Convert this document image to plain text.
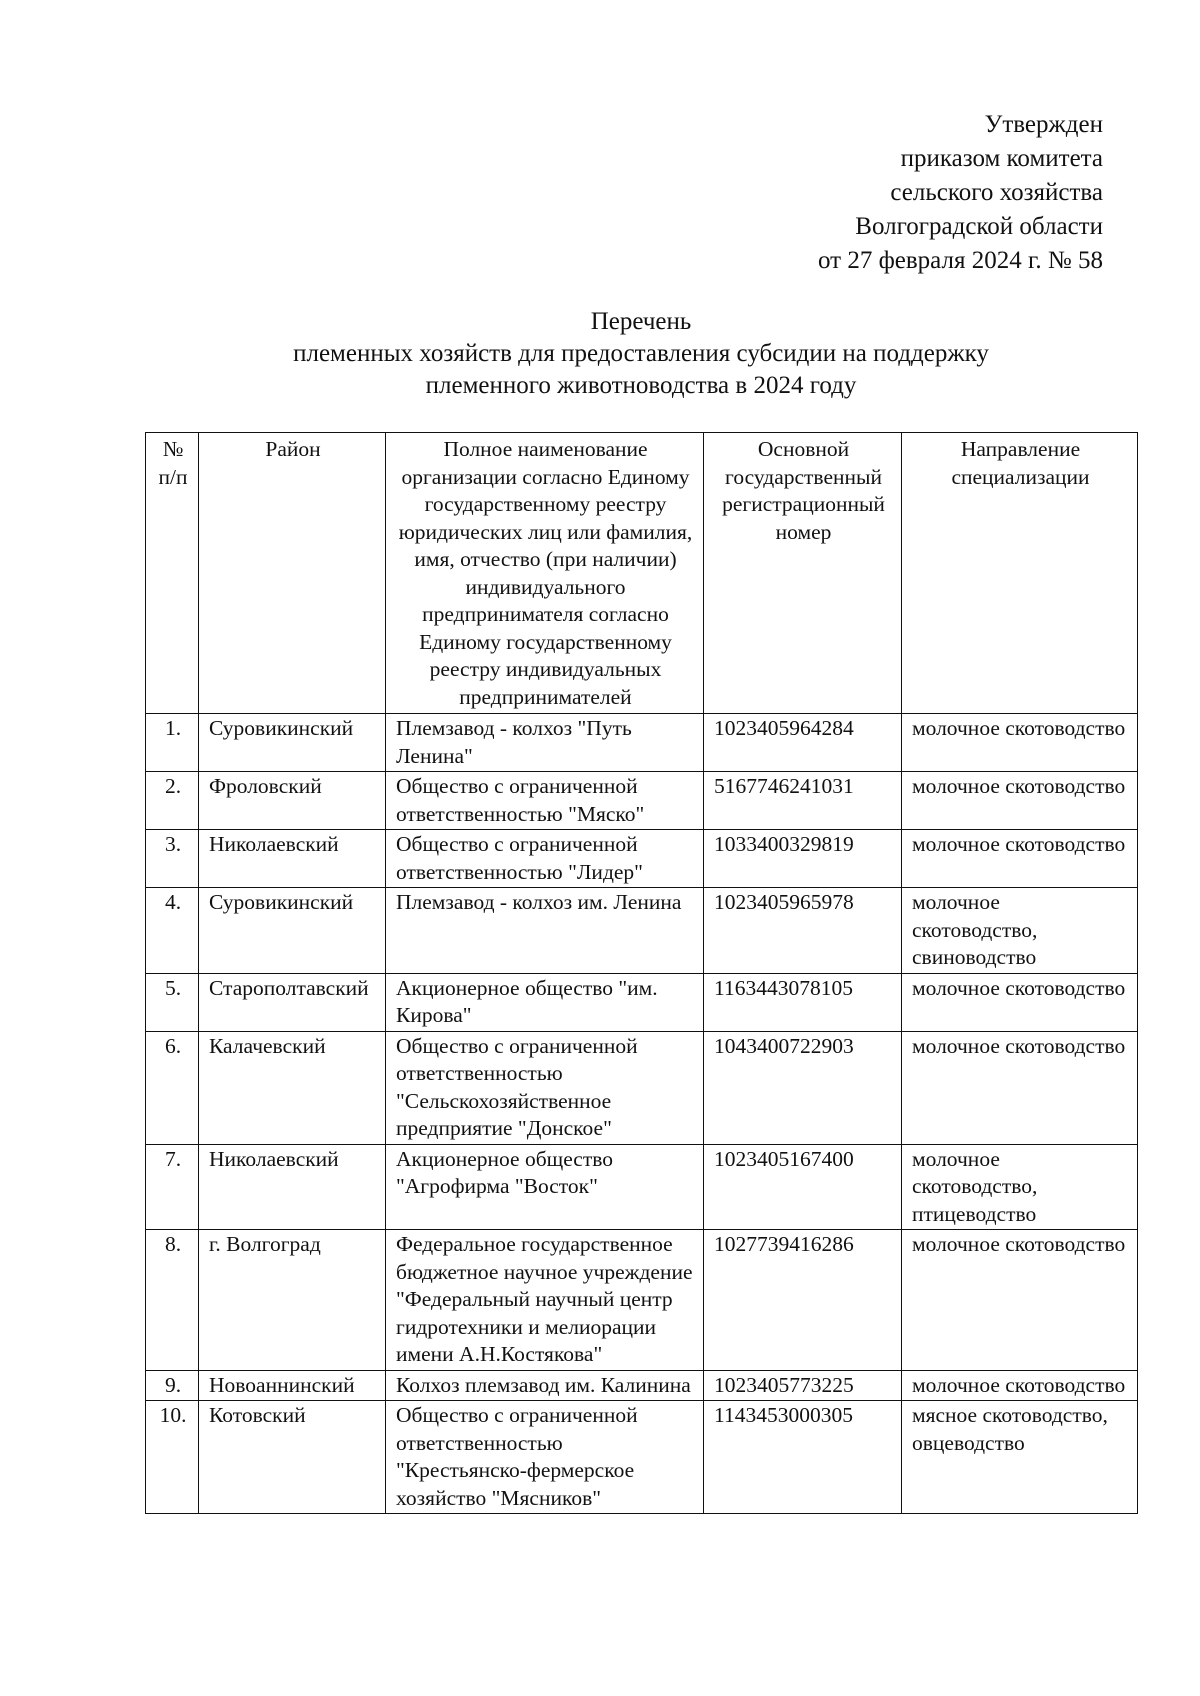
Утвержден
приказом комитета
сельского хозяйства
Волгоградской области
от 27 февраля 2024 г. № 58
Перечень
племенных хозяйств для предоставления субсидии на поддержку
племенного животноводства в 2024 году
№ п/п	Район	Полное наименование организации согласно Единому государственному реестру юридических лиц или фамилия, имя, отчество (при наличии) индивидуального предпринимателя согласно Единому государственному реестру индивидуальных предпринимателей	Основной государственный регистрационный номер	Направление специализации
1.	Суровикинский	Племзавод - колхоз "Путь Ленина"	1023405964284	молочное скотоводство
2.	Фроловский	Общество с ограниченной ответственностью "Мяско"	5167746241031	молочное скотоводство
3.	Николаевский	Общество с ограниченной ответственностью "Лидер"	1033400329819	молочное скотоводство
4.	Суровикинский	Племзавод - колхоз им. Ленина	1023405965978	молочное скотоводство, свиноводство
5.	Старополтавский	Акционерное общество "им. Кирова"	1163443078105	молочное скотоводство
6.	Калачевский	Общество с ограниченной ответственностью "Сельскохозяйственное предприятие "Донское"	1043400722903	молочное скотоводство
7.	Николаевский	Акционерное общество "Агрофирма "Восток"	1023405167400	молочное скотоводство, птицеводство
8.	г. Волгоград	Федеральное государственное бюджетное научное учреждение "Федеральный научный центр гидротехники и мелиорации имени А.Н.Костякова"	1027739416286	молочное скотоводство
9.	Новоаннинский	Колхоз племзавод им. Калинина	1023405773225	молочное скотоводство
10.	Котовский	Общество с ограниченной ответственностью "Крестьянско-фермерское хозяйство "Мясников"	1143453000305	мясное скотоводство, овцеводство
